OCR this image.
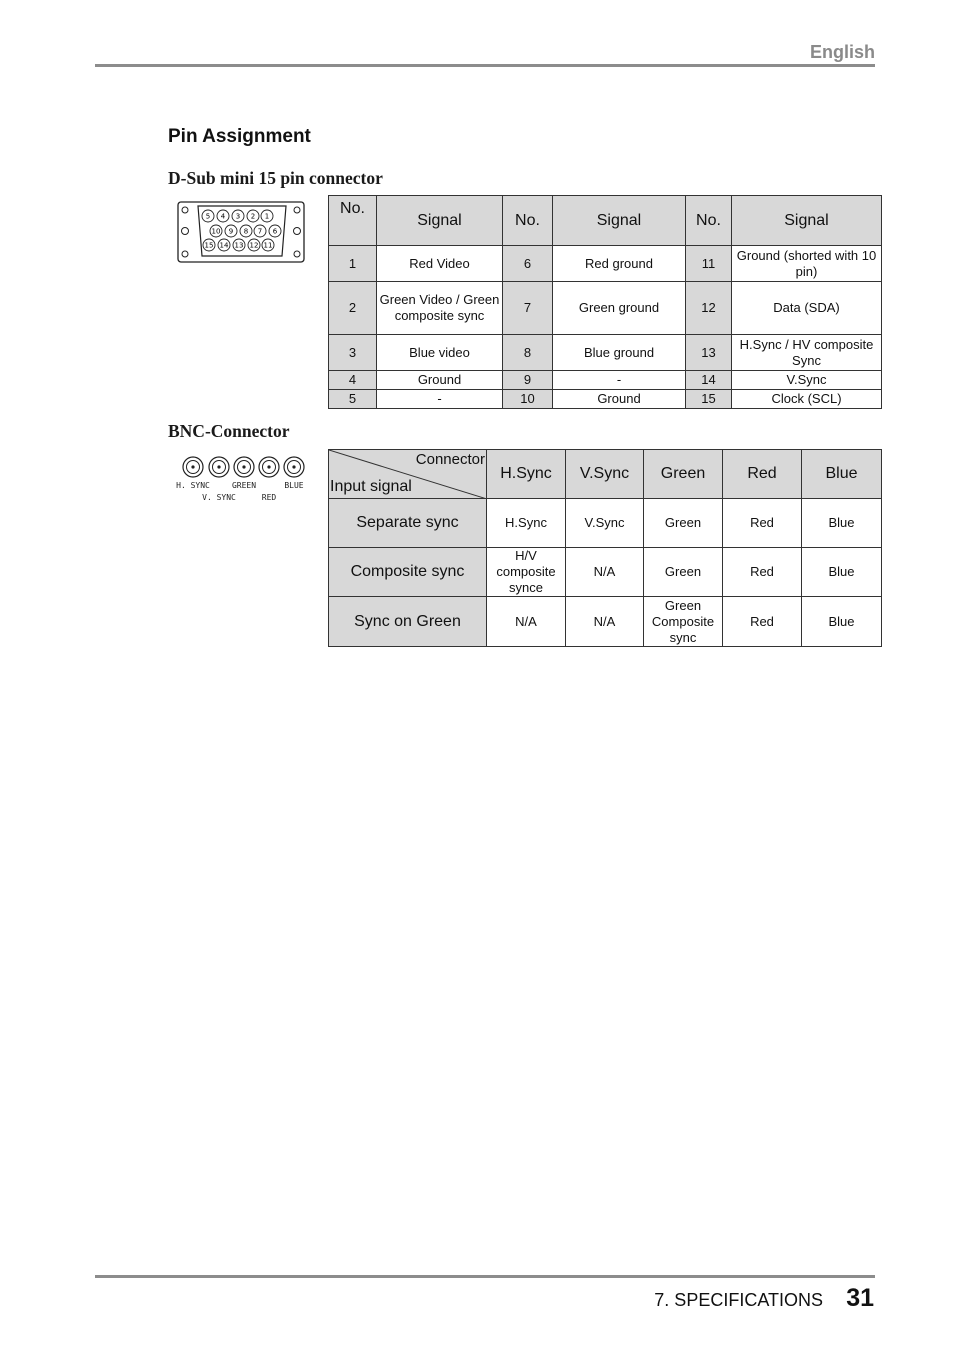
English
Pin Assignment
D-Sub mini 15 pin connector
5 4 3 2 1
10 9 8 7 6
15 14 13 12 11
No.	Signal	No.	Signal	No.	Signal
1	Red Video	6	Red ground	11	Ground (shorted with 10 pin)
2	Green Video / Green composite sync	7	Green ground	12	Data (SDA)
3	Blue video	8	Blue ground	13	H.Sync / HV composite Sync
4	Ground	9	-	14	V.Sync
5	-	10	Ground	15	Clock (SCL)
BNC-Connector
H. SYNC
V. SYNC
GREEN
RED
BLUE
Connector
Input signal	H.Sync	V.Sync	Green	Red	Blue
Separate sync	H.Sync	V.Sync	Green	Red	Blue
Composite sync	H/V composite synce	N/A	Green	Red	Blue
Sync on Green	N/A	N/A	Green Composite sync	Red	Blue
7. SPECIFICATIONS 31
